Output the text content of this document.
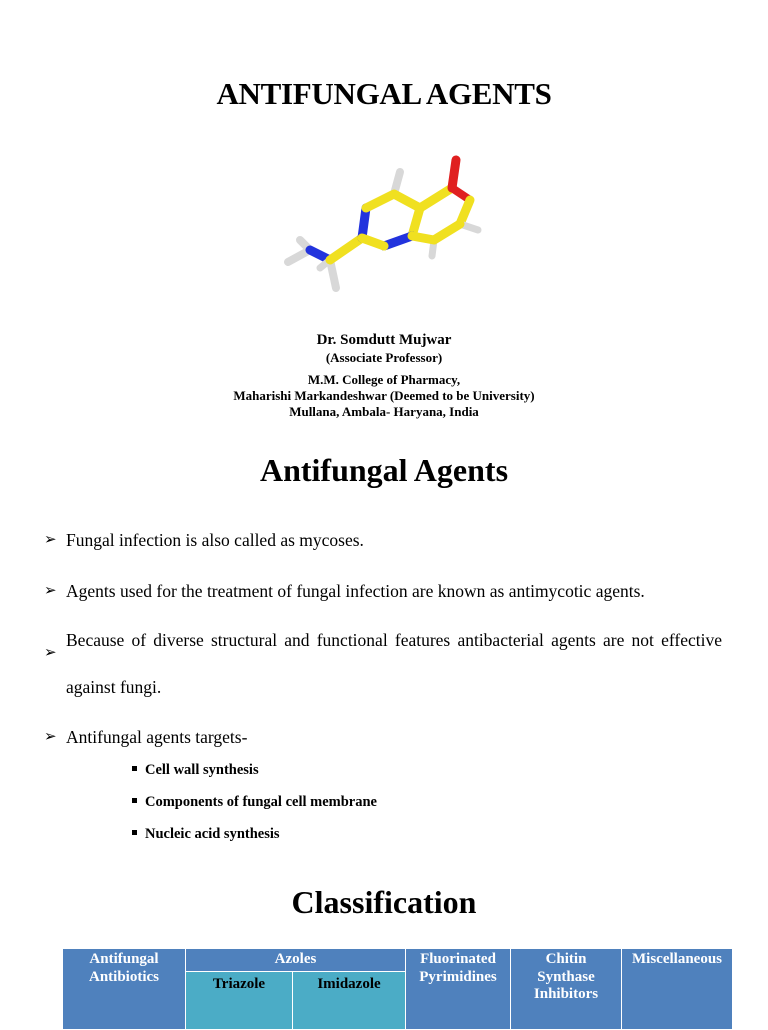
ANTIFUNGAL AGENTS
Dr. Somdutt Mujwar
(Associate Professor)
M.M. College of Pharmacy,
Maharishi Markandeshwar (Deemed to be University)
Mullana, Ambala- Haryana, India
Antifungal Agents
➢ Fungal infection is also called as mycoses.
➢ Agents used for the treatment of fungal infection are known as antimycotic agents.
➢
Because of diverse structural and functional features antibacterial agents are not effective against fungi.
➢ Antifungal agents targets-
Cell wall synthesis
Components of fungal cell membrane
Nucleic acid synthesis
Classification
Antifungal Antibiotics	Azoles		Fluorinated Pyrimidines	Chitin Synthase Inhibitors	Miscellaneous
	Triazole	Imidazole			
